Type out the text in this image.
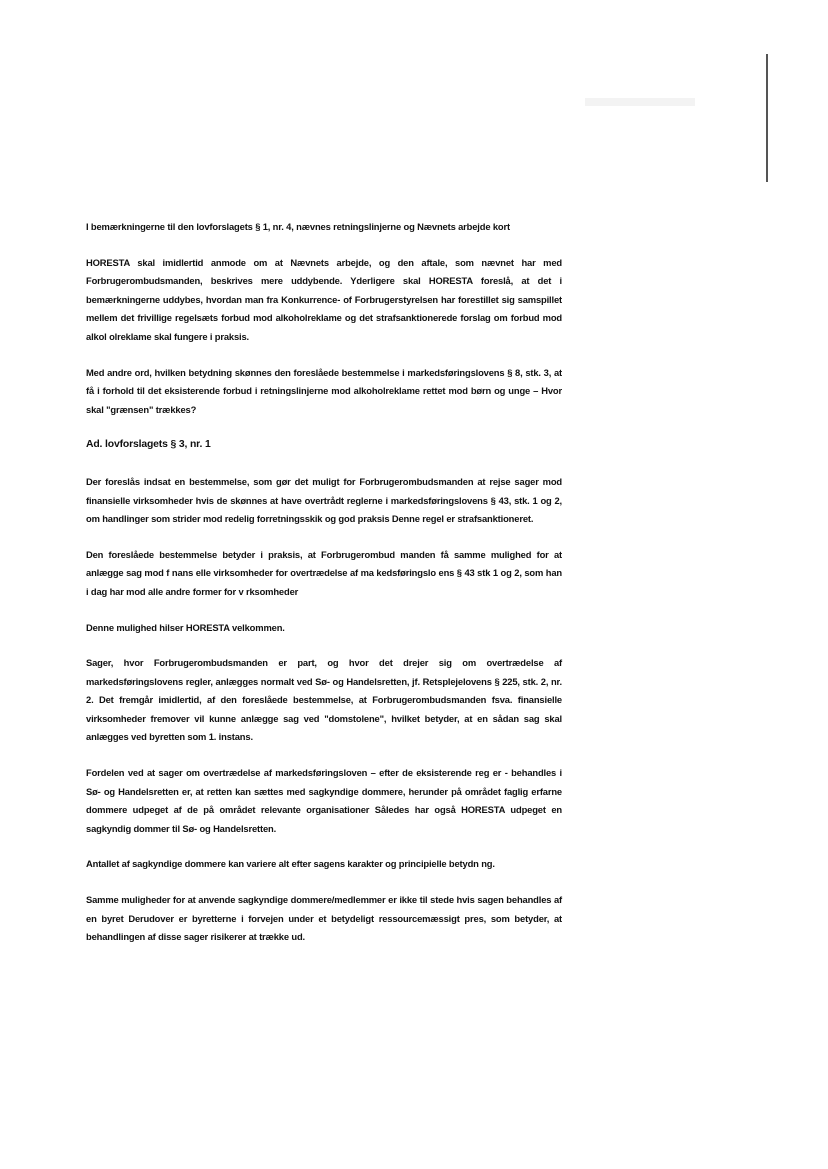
I bemærkningerne til den lovforslagets § 1, nr. 4, nævnes retningslinjerne og Nævnets arbejde kort

HORESTA skal imidlertid anmode om at Nævnets arbejde, og den aftale, som nævnet har med Forbrugerombudsmanden, beskrives mere uddybende. Yderligere skal HORESTA foreslå, at det i bemærkningerne uddybes, hvordan man fra Konkurrence- of Forbrugerstyrelsen har forestillet sig samspillet mellem det frivillige regelsæts forbud mod alkoholreklame og det strafsanktionerede forslag om forbud mod alkol olreklame skal fungere i praksis.

Med andre ord, hvilken betydning skønnes den foreslåede bestemmelse i markedsføringslovens § 8, stk. 3, at få i forhold til det eksisterende forbud i retningslinjerne mod alkoholreklame rettet mod børn og unge – Hvor skal "grænsen" trækkes?

Ad. lovforslagets § 3, nr. 1

Der foreslås indsat en bestemmelse, som gør det muligt for Forbrugerombudsmanden at rejse sager mod finansielle virksomheder hvis de skønnes at have overtrådt reglerne i markedsføringslovens § 43, stk. 1 og 2, om handlinger som strider mod redelig forretningsskik og god praksis Denne regel er strafsanktioneret.

Den foreslåede bestemmelse betyder i praksis, at Forbrugerombud manden få samme mulighed for at anlægge sag mod f nans elle virksomheder for overtrædelse af ma kedsføringslo ens § 43 stk 1 og 2, som han i dag har mod alle andre former for v rksomheder

Denne mulighed hilser HORESTA velkommen.

Sager, hvor Forbrugerombudsmanden er part, og hvor det drejer sig om overtrædelse af markedsføringslovens regler, anlægges normalt ved Sø- og Handelsretten, jf. Retsplejelovens § 225, stk. 2, nr. 2. Det fremgår imidlertid, af den foreslåede bestemmelse, at Forbrugerombudsmanden fsva. finansielle virksomheder fremover vil kunne anlægge sag ved "domstolene", hvilket betyder, at en sådan sag skal anlægges ved byretten som 1. instans.

Fordelen ved at sager om overtrædelse af markedsføringsloven – efter de eksisterende reg er - behandles i Sø- og Handelsretten er, at retten kan sættes med sagkyndige dommere, herunder på området faglig erfarne dommere udpeget af de på området relevante organisationer Således har også HORESTA udpeget en sagkyndig dommer til Sø- og Handelsretten.

Antallet af sagkyndige dommere kan variere alt efter sagens karakter og principielle betydn ng.

Samme muligheder for at anvende sagkyndige dommere/medlemmer er ikke til stede hvis sagen behandles af en byret Derudover er byretterne i forvejen under et betydeligt ressourcemæssigt pres, som betyder, at behandlingen af disse sager risikerer at trække ud.
